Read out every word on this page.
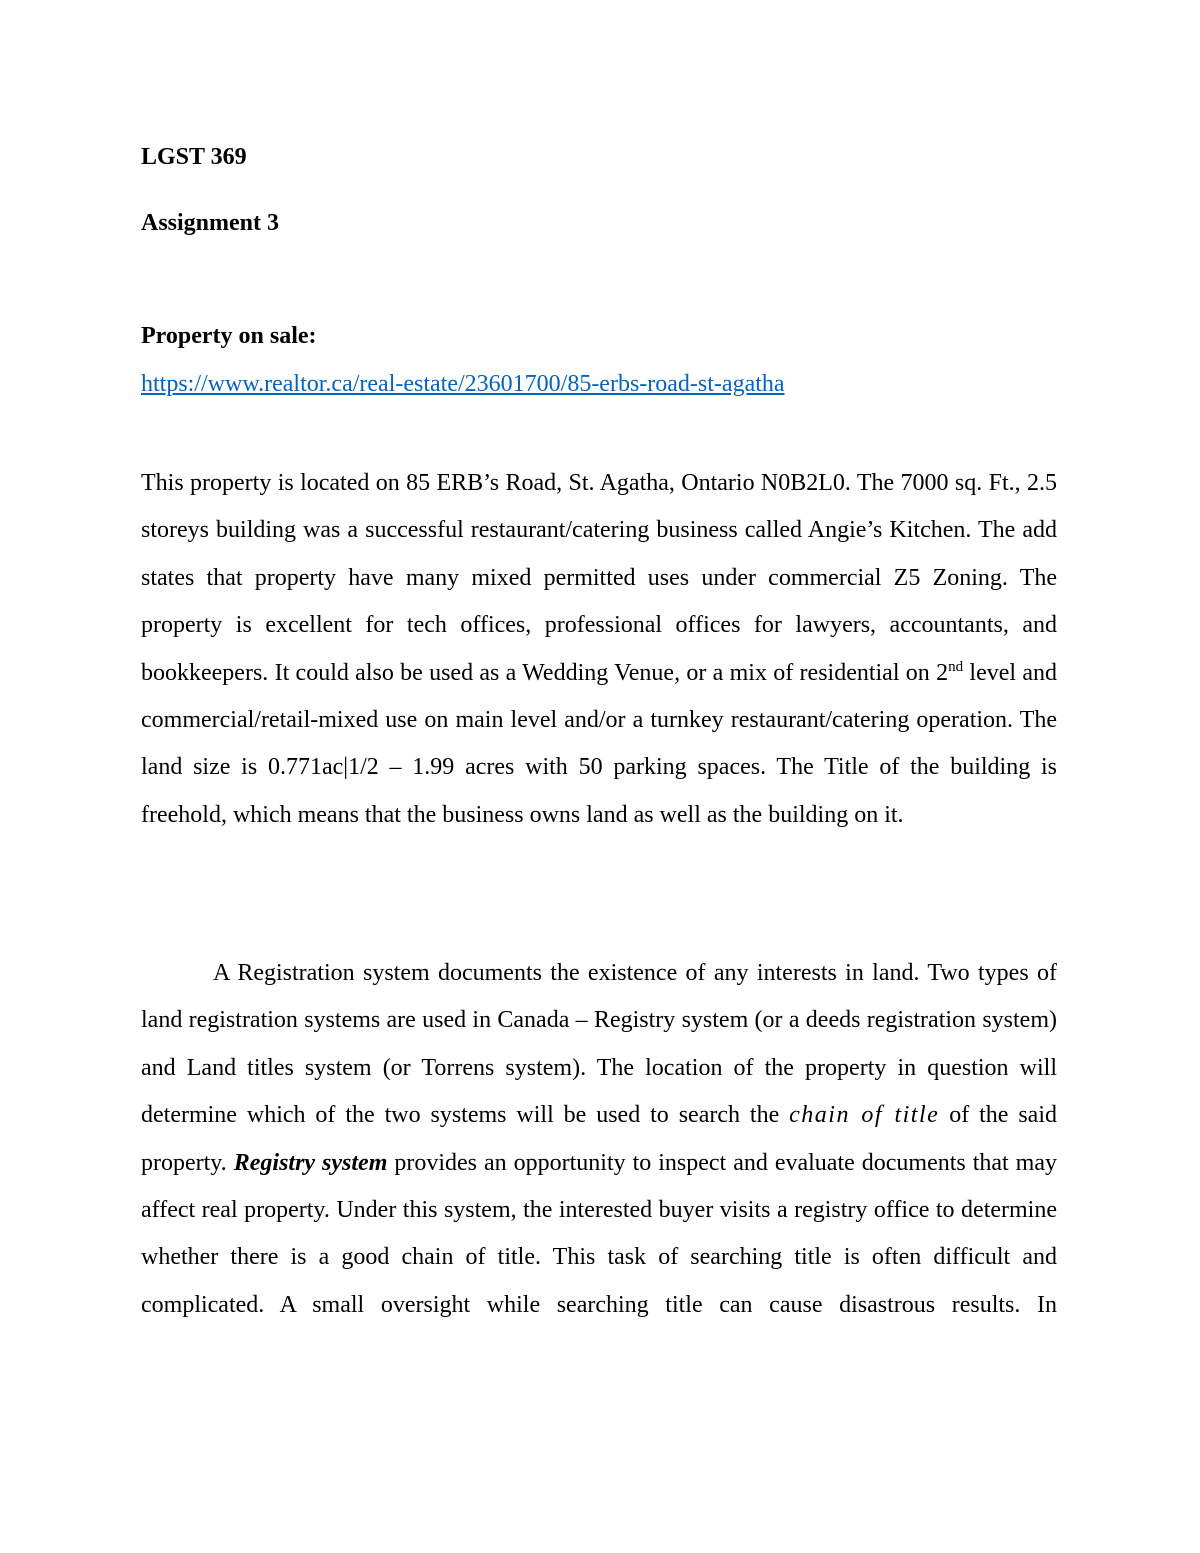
LGST 369

Assignment 3

Property on sale:

https://www.realtor.ca/real-estate/23601700/85-erbs-road-st-agatha

This property is located on 85 ERB’s Road, St. Agatha, Ontario N0B2L0. The 7000 sq. Ft., 2.5 storeys building was a successful restaurant/catering business called Angie’s Kitchen. The add states that property have many mixed permitted uses under commercial Z5 Zoning. The property is excellent for tech offices, professional offices for lawyers, accountants, and bookkeepers. It could also be used as a Wedding Venue, or a mix of residential on 2nd level and commercial/retail-mixed use on main level and/or a turnkey restaurant/catering operation. The land size is 0.771ac|1/2 – 1.99 acres with 50 parking spaces. The Title of the building is freehold, which means that the business owns land as well as the building on it.

A Registration system documents the existence of any interests in land. Two types of land registration systems are used in Canada – Registry system (or a deeds registration system) and Land titles system (or Torrens system). The location of the property in question will determine which of the two systems will be used to search the chain of title of the said property. Registry system provides an opportunity to inspect and evaluate documents that may affect real property. Under this system, the interested buyer visits a registry office to determine whether there is a good chain of title. This task of searching title is often difficult and complicated. A small oversight while searching title can cause disastrous results. In
